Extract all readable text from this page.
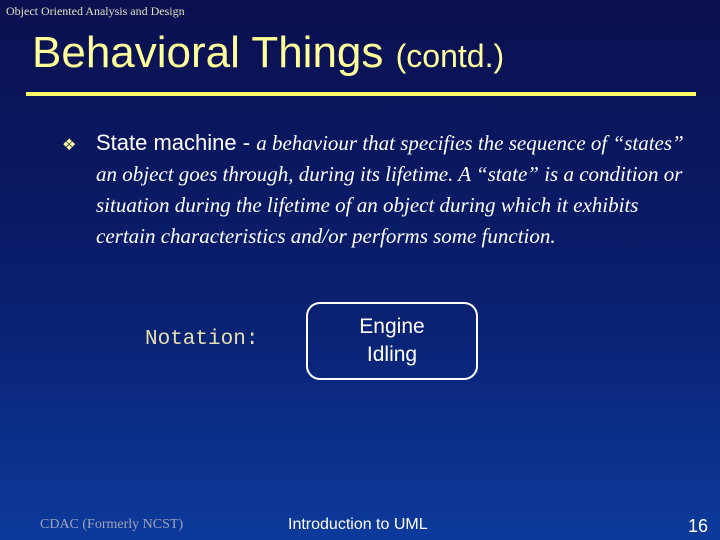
Object Oriented Analysis and Design
Behavioral Things (contd.)
❖ State machine - a behaviour that specifies the sequence of “states” an object goes through, during its lifetime. A “state” is a condition or situation during the lifetime of an object during which it exhibits certain characteristics and/or performs some function.
Notation:
Engine
Idling
CDAC (Formerly NCST)	Introduction to UML	16
